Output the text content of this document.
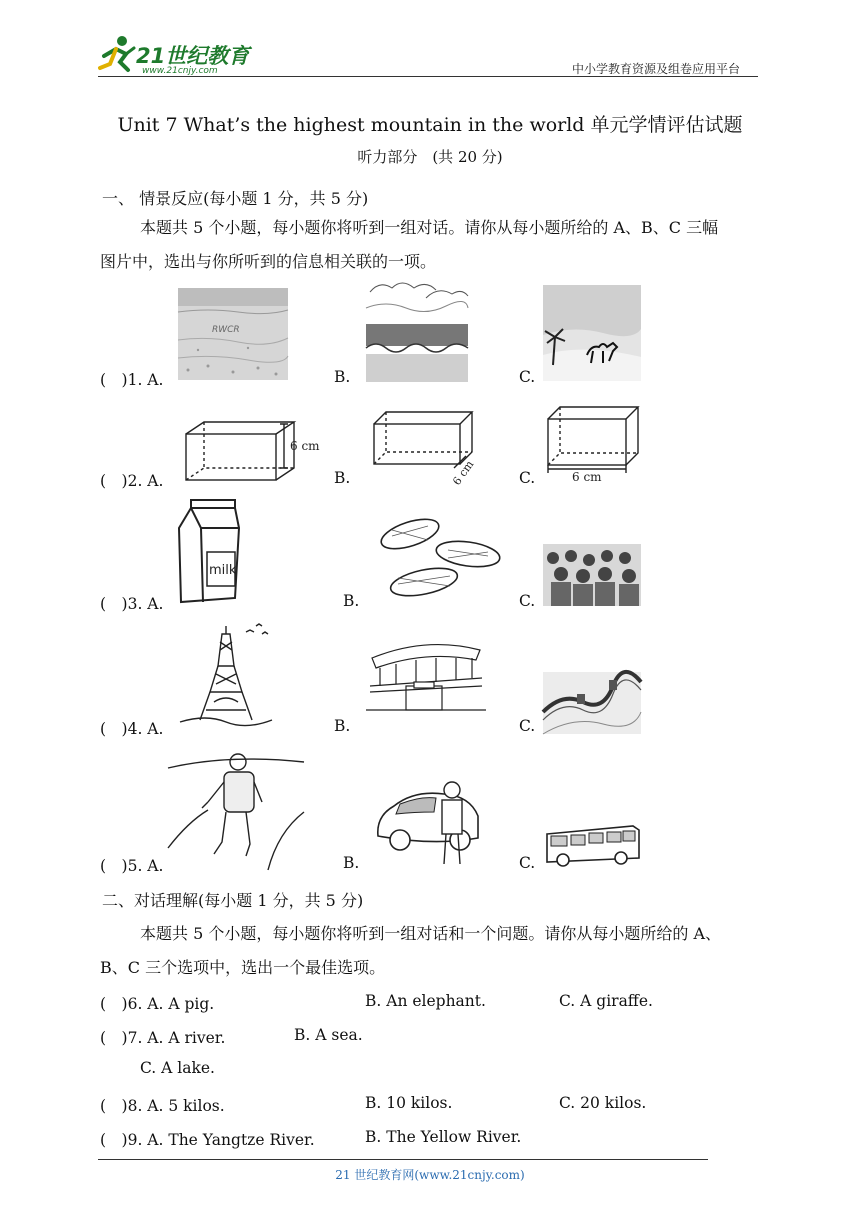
21世纪教育
www.21cnjy.com	中小学教育资源及组卷应用平台
Unit 7 What’s the highest mountain in the world 单元学情评估试题
听力部分　(共 20 分)
一、 情景反应(每小题 1 分，共 5 分)
本题共 5 个小题，每小题你将听到一组对话。请你从每小题所给的 A、B、C 三幅
图片中，选出与你所听到的信息相关联的一项。
(　)1. A.	B.	C.
RWCR
(　)2. A.	B.	C.
6 cm
6 cm	6 cm
(　)3. A.	B.	C.
milk
(　)4. A.	B.	C.
(　)5. A.	B.	C.
二、对话理解(每小题 1 分，共 5 分)
本题共 5 个小题，每小题你将听到一组对话和一个问题。请你从每小题所给的 A、
B、C 三个选项中，选出一个最佳选项。
(　)6. A. A pig.	B. An elephant.	C. A giraffe.
(　)7. A. A river.	B. A sea.
C. A lake.
(　)8. A. 5 kilos.	B. 10 kilos.	C. 20 kilos.
(　)9. A. The Yangtze River.	B. The Yellow River.
21 世纪教育网(www.21cnjy.com)
